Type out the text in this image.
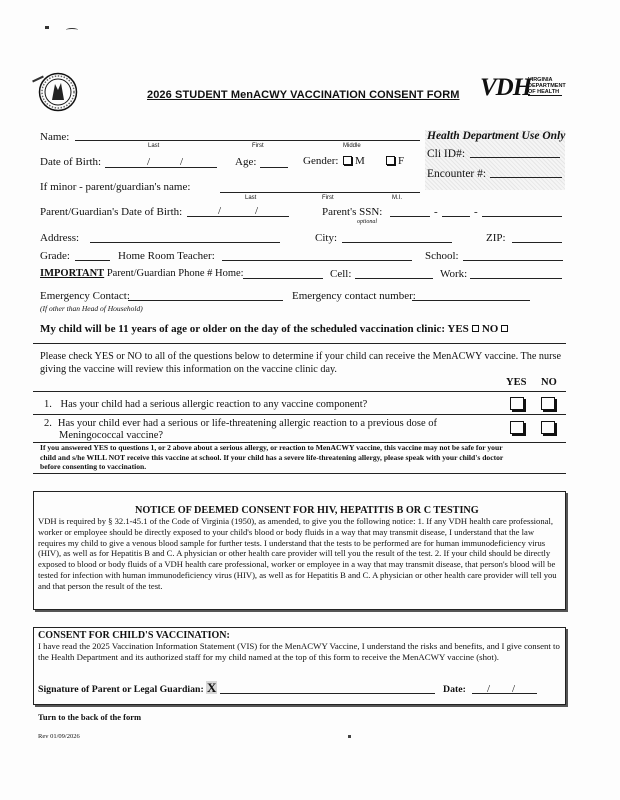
2026 STUDENT MenACWY VACCINATION CONSENT FORM VDH
VIRGINIA
DEPARTMENT
OF HEALTH
Health Department Use Only
Cli ID#:
Encounter #:
Name:
Last	First	Middle
Date of Birth:	/	/	Age:	Gender: M	F
If minor - parent/guardian's name:
Last	First	M.I.
Parent/Guardian's Date of Birth:	/	/	Parent's SSN:
optional
-	-
Address:	City:	ZIP:
Grade:	Home Room Teacher:	School:
IMPORTANT Parent/Guardian Phone # Home:	Cell:	Work:
Emergency Contact:
(If other than Head of Household)
Emergency contact number:
My child will be 11 years of age or older on the day of the scheduled vaccination clinic: YES NO
Please check YES or NO to all of the questions below to determine if your child can receive the MenACWY vaccine. The nurse giving the vaccine will review this information on the vaccine clinic day.
YES NO
1. Has your child had a serious allergic reaction to any vaccine component?
2. Has your child ever had a serious or life-threatening allergic reaction to a previous dose of
Meningococcal vaccine?
If you answered YES to questions 1, or 2 above about a serious allergy, or reaction to MenACWY vaccine, this vaccine may not be safe for your child and s/he WILL NOT receive this vaccine at school. If your child has a severe life-threatening allergy, please speak with your child's doctor before consenting to vaccination.
NOTICE OF DEEMED CONSENT FOR HIV, HEPATITIS B OR C TESTING
VDH is required by § 32.1-45.1 of the Code of Virginia (1950), as amended, to give you the following notice: 1. If any VDH health care professional, worker or employee should be directly exposed to your child's blood or body fluids in a way that may transmit disease, I understand that the law requires my child to give a venous blood sample for further tests. I understand that the tests to be performed are for human immunodeficiency virus (HIV), as well as for Hepatitis B and C. A physician or other health care provider will tell you the result of the test. 2. If your child should be directly exposed to blood or body fluids of a VDH health care professional, worker or employee in a way that may transmit disease, that person's blood will be tested for infection with human immunodeficiency virus (HIV), as well as for Hepatitis B and C. A physician or other health care provider will tell you and that person the result of the test.
CONSENT FOR CHILD'S VACCINATION:
I have read the 2025 Vaccination Information Statement (VIS) for the MenACWY Vaccine, I understand the risks and benefits, and I give consent to the Health Department and its authorized staff for my child named at the top of this form to receive the MenACWY vaccine (shot).
Signature of Parent or Legal Guardian: X	Date: / /
Turn to the back of the form
Rev 01/09/2026
